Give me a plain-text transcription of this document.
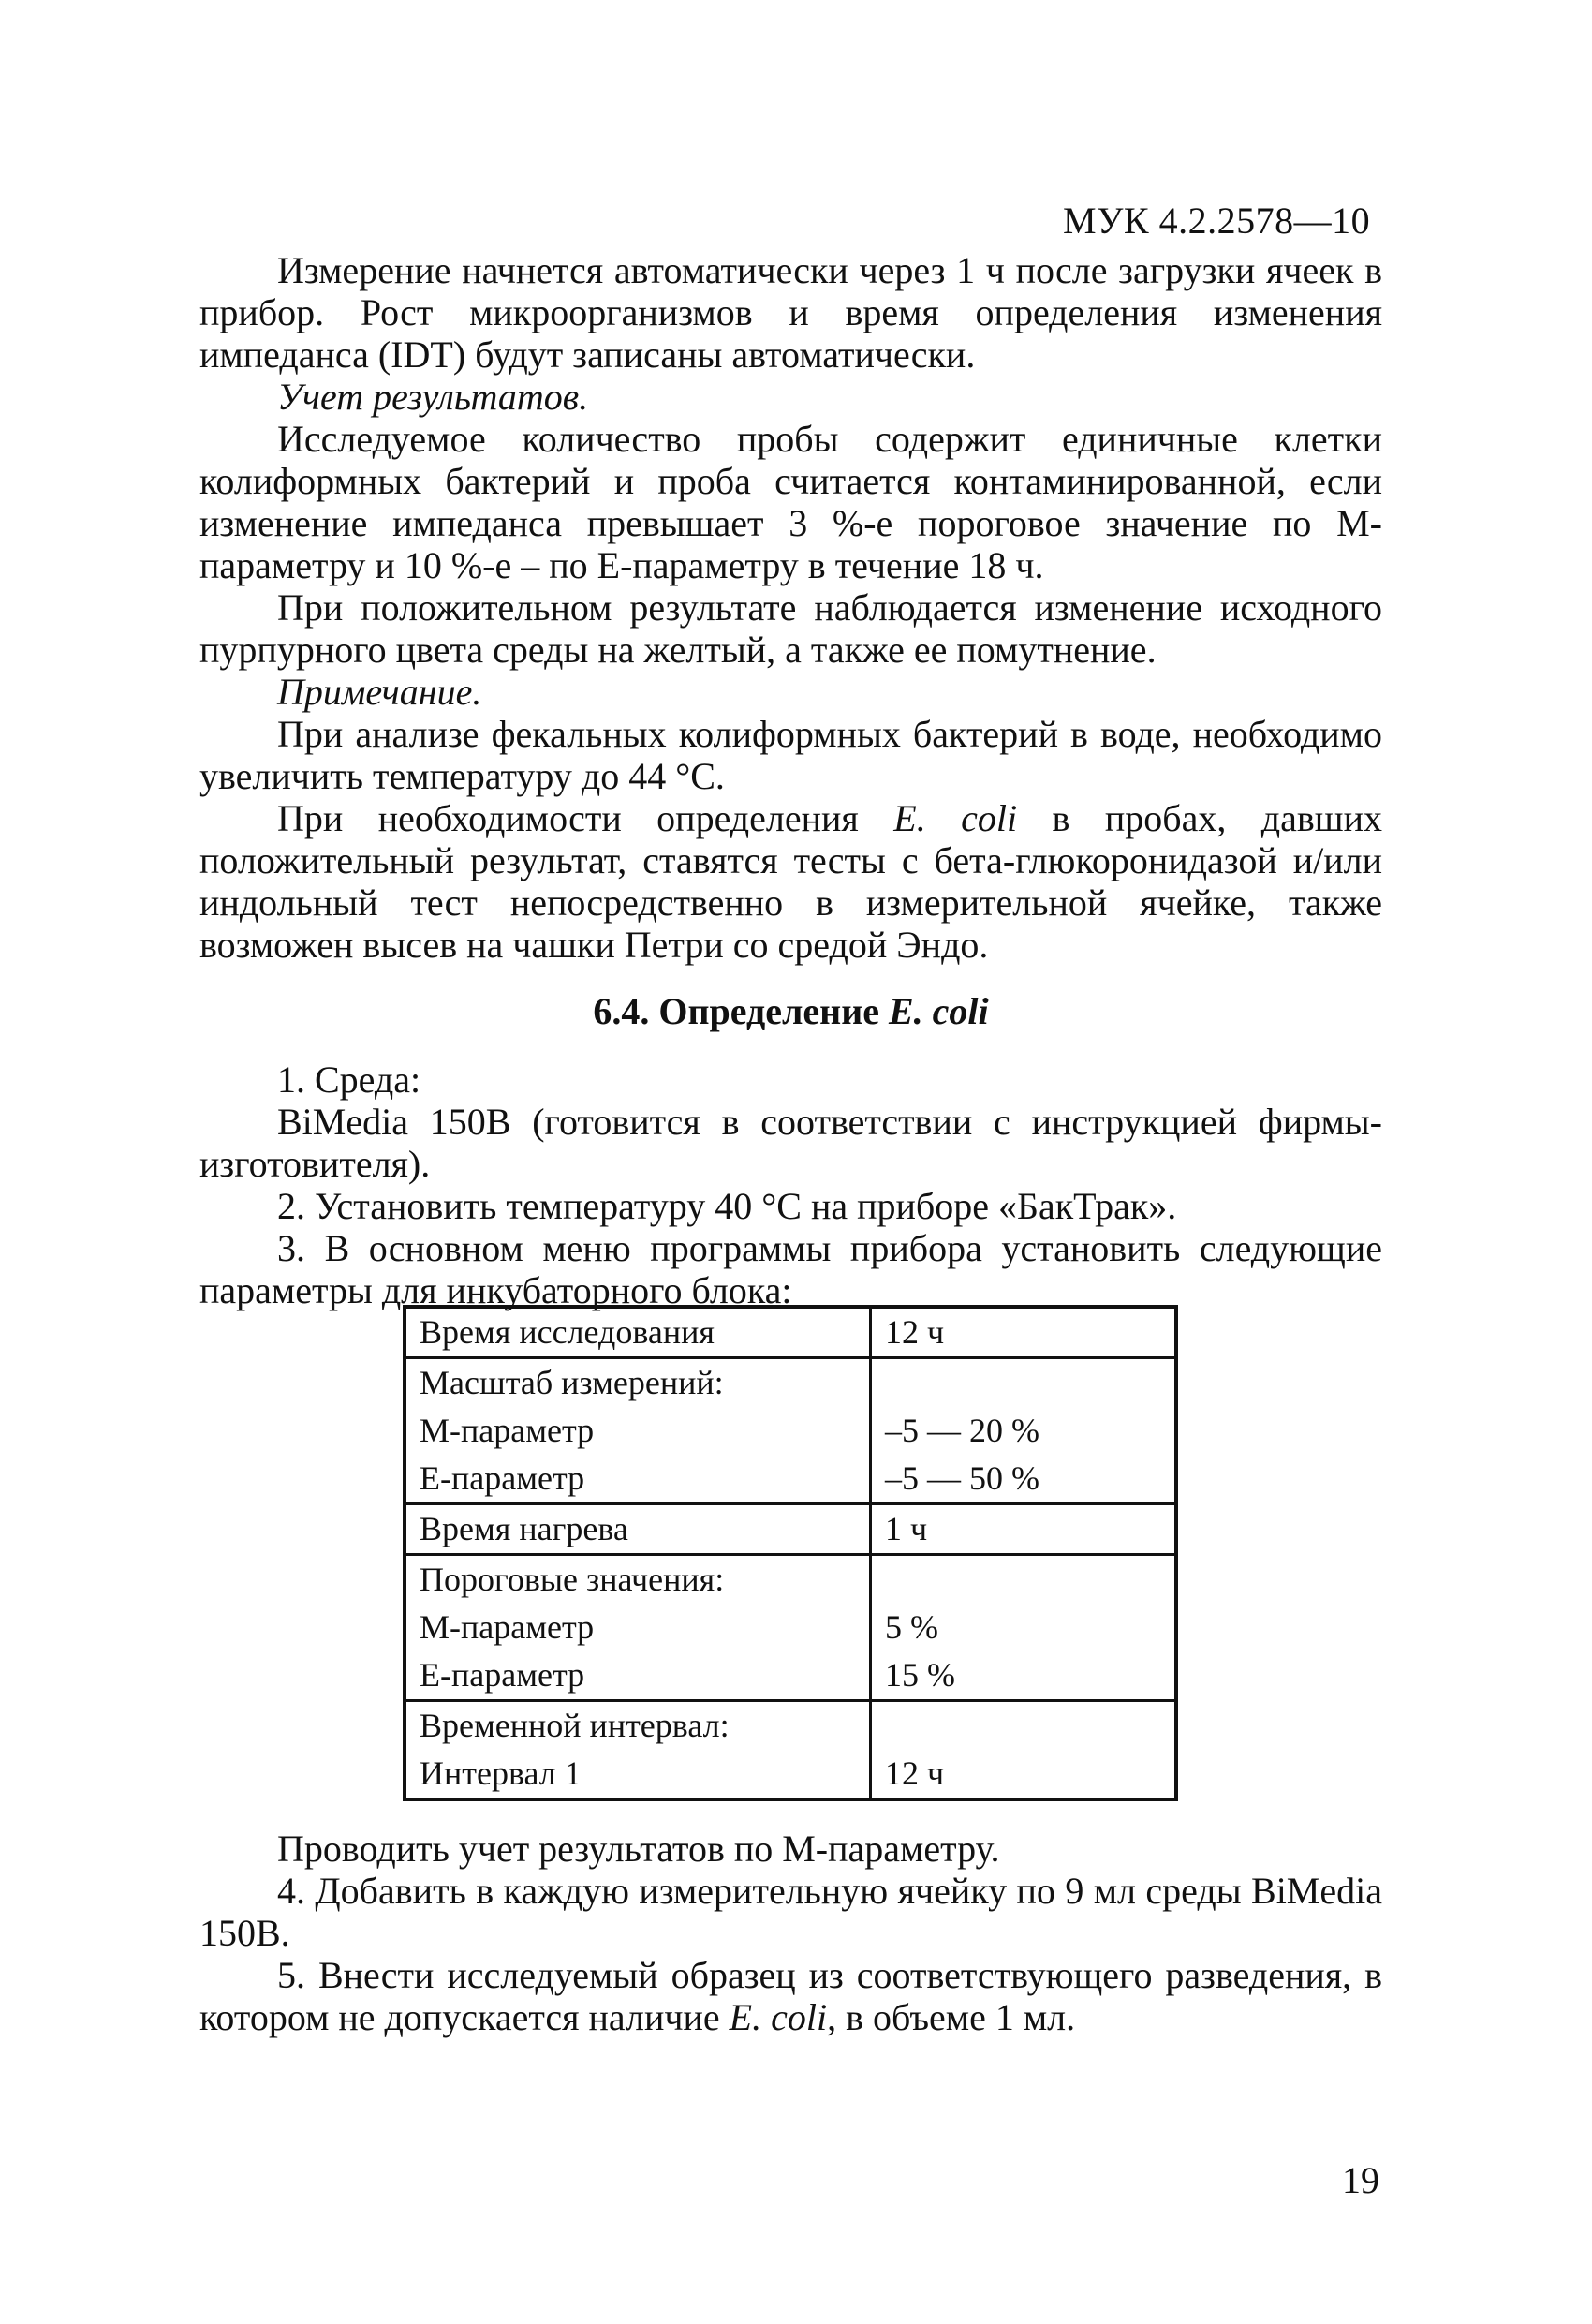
МУК 4.2.2578—10

Измерение начнется автоматически через 1 ч после загрузки ячеек в прибор. Рост микроорганизмов и время определения изменения импеданса (IDT) будут записаны автоматически.

Учет результатов.

Исследуемое количество пробы содержит единичные клетки колиформных бактерий и проба считается контаминированной, если изменение импеданса превышает 3 %-е пороговое значение по М-параметру и 10 %-е – по Е-параметру в течение 18 ч.

При положительном результате наблюдается изменение исходного пурпурного цвета среды на желтый, а также ее помутнение.

Примечание.

При анализе фекальных колиформных бактерий в воде, необходимо увеличить температуру до 44 °С.

При необходимости определения E. coli в пробах, давших положительный результат, ставятся тесты с бета-глюкоронидазой и/или индольный тест непосредственно в измерительной ячейке, также возможен высев на чашки Петри со средой Эндо.

6.4. Определение E. coli

1. Среда:

BiMedia 150B (готовится в соответствии с инструкцией фирмы-изготовителя).

2. Установить температуру 40 °С на приборе «БакТрак».

3. В основном меню программы прибора установить следующие параметры для инкубаторного блока:

Время исследования	12 ч
Масштаб измерений:	
М-параметр	–5 — 20 %
Е-параметр	–5 — 50 %
Время нагрева	1 ч
Пороговые значения:	
М-параметр	5 %
Е-параметр	15 %
Временной интервал:	
Интервал 1	12 ч

Проводить учет результатов по М-параметру.

4. Добавить в каждую измерительную ячейку по 9 мл среды BiMedia 150B.

5. Внести исследуемый образец из соответствующего разведения, в котором не допускается наличие E. coli, в объеме 1 мл.

19
